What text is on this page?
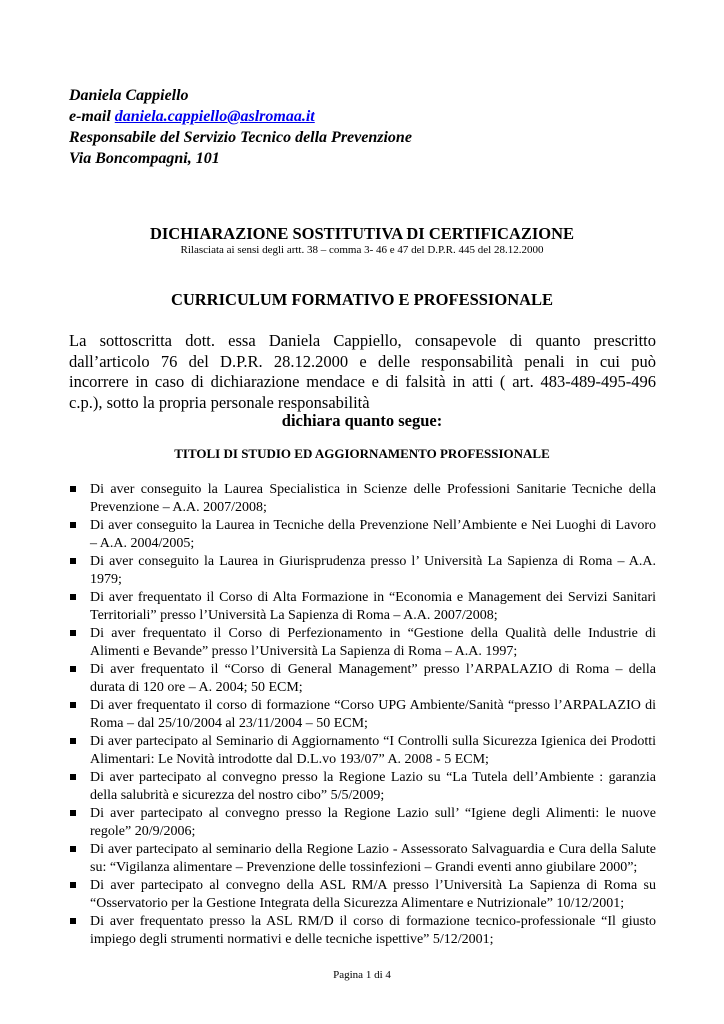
Daniela Cappiello
e-mail daniela.cappiello@aslromaa.it
Responsabile del Servizio Tecnico della Prevenzione
Via Boncompagni, 101
DICHIARAZIONE SOSTITUTIVA DI CERTIFICAZIONE
Rilasciata ai sensi degli artt. 38 – comma 3- 46 e 47 del D.P.R. 445 del 28.12.2000
CURRICULUM FORMATIVO E PROFESSIONALE
La sottoscritta dott. essa Daniela Cappiello, consapevole di quanto prescritto
dall’articolo 76 del D.P.R. 28.12.2000 e delle responsabilità penali in cui può
incorrere in caso di dichiarazione mendace e di falsità in atti ( art. 483-489-495-496
c.p.), sotto la propria personale responsabilità
dichiara quanto segue:
TITOLI DI STUDIO ED AGGIORNAMENTO PROFESSIONALE
Di aver conseguito la Laurea Specialistica in Scienze delle Professioni Sanitarie Tecniche della Prevenzione – A.A. 2007/2008;
Di aver conseguito la Laurea in Tecniche della Prevenzione Nell’Ambiente e Nei Luoghi di Lavoro – A.A. 2004/2005;
Di aver conseguito la Laurea in Giurisprudenza presso l’ Università La Sapienza di Roma – A.A. 1979;
Di aver frequentato il Corso di Alta Formazione in “Economia e Management dei Servizi Sanitari Territoriali” presso l’Università La Sapienza di Roma – A.A. 2007/2008;
Di aver frequentato il Corso di Perfezionamento in “Gestione della Qualità delle Industrie di Alimenti e Bevande” presso l’Università La Sapienza di Roma – A.A. 1997;
Di aver frequentato il “Corso di General Management” presso l’ARPALAZIO di Roma – della durata di 120 ore – A. 2004; 50 ECM;
Di aver frequentato il corso di formazione “Corso UPG Ambiente/Sanità “presso l’ARPALAZIO di Roma – dal 25/10/2004 al 23/11/2004 – 50 ECM;
Di aver partecipato al Seminario di Aggiornamento “I Controlli sulla Sicurezza Igienica dei Prodotti Alimentari: Le Novità introdotte dal D.L.vo 193/07” A. 2008 - 5 ECM;
Di aver partecipato al convegno presso la Regione Lazio su “La Tutela dell’Ambiente : garanzia della salubrità e sicurezza del nostro cibo” 5/5/2009;
Di aver partecipato al convegno presso la Regione Lazio sull’ “Igiene degli Alimenti: le nuove regole” 20/9/2006;
Di aver partecipato al seminario della Regione Lazio - Assessorato Salvaguardia e Cura della Salute su: “Vigilanza alimentare – Prevenzione delle tossinfezioni – Grandi eventi anno giubilare 2000”;
Di aver partecipato al convegno della ASL RM/A presso l’Università La Sapienza di Roma su “Osservatorio per la Gestione Integrata della Sicurezza Alimentare e Nutrizionale” 10/12/2001;
Di aver frequentato presso la ASL RM/D il corso di formazione tecnico-professionale “Il giusto impiego degli strumenti normativi e delle tecniche ispettive” 5/12/2001;
Pagina 1 di 4
